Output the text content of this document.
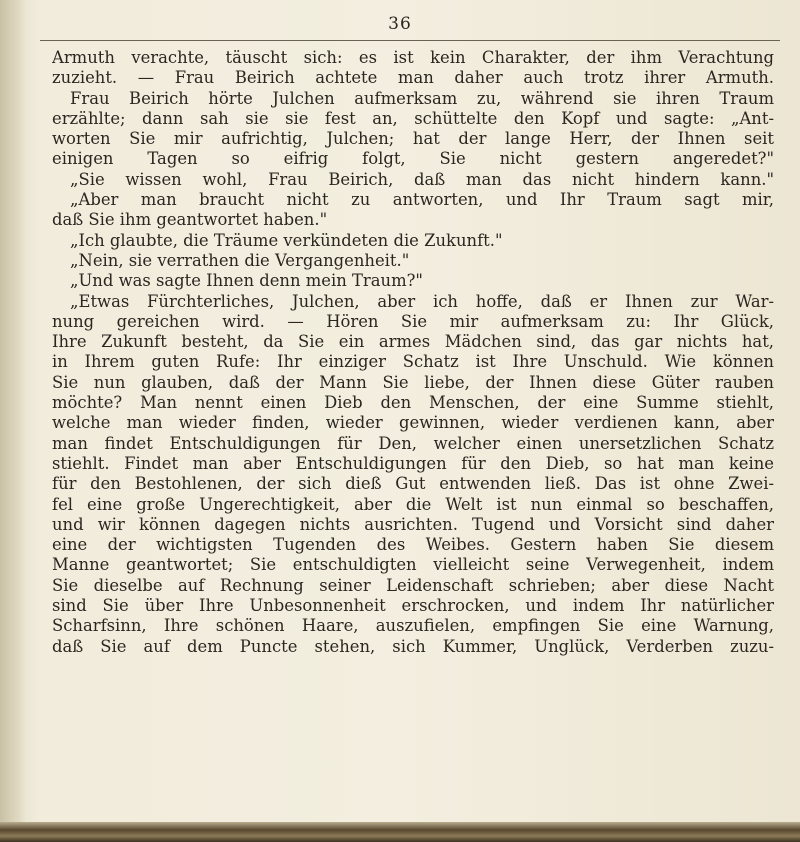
36
Armuth verachte, täuscht sich: es ist kein Charakter, der ihm Verachtung
zuzieht. — Frau Beirich achtete man daher auch trotz ihrer Armuth.
Frau Beirich hörte Julchen aufmerksam zu, während sie ihren Traum
erzählte; dann sah sie sie fest an, schüttelte den Kopf und sagte: „Ant-
worten Sie mir aufrichtig, Julchen; hat der lange Herr, der Ihnen seit
einigen Tagen so eifrig folgt, Sie nicht gestern angeredet?"
„Sie wissen wohl, Frau Beirich, daß man das nicht hindern kann."
„Aber man braucht nicht zu antworten, und Ihr Traum sagt mir,
daß Sie ihm geantwortet haben."
„Ich glaubte, die Träume verkündeten die Zukunft."
„Nein, sie verrathen die Vergangenheit."
„Und was sagte Ihnen denn mein Traum?"
„Etwas Fürchterliches, Julchen, aber ich hoffe, daß er Ihnen zur War-
nung gereichen wird. — Hören Sie mir aufmerksam zu: Ihr Glück,
Ihre Zukunft besteht, da Sie ein armes Mädchen sind, das gar nichts hat,
in Ihrem guten Rufe: Ihr einziger Schatz ist Ihre Unschuld. Wie können
Sie nun glauben, daß der Mann Sie liebe, der Ihnen diese Güter rauben
möchte? Man nennt einen Dieb den Menschen, der eine Summe stiehlt,
welche man wieder finden, wieder gewinnen, wieder verdienen kann, aber
man findet Entschuldigungen für Den, welcher einen unersetzlichen Schatz
stiehlt. Findet man aber Entschuldigungen für den Dieb, so hat man keine
für den Bestohlenen, der sich dieß Gut entwenden ließ. Das ist ohne Zwei-
fel eine große Ungerechtigkeit, aber die Welt ist nun einmal so beschaffen,
und wir können dagegen nichts ausrichten. Tugend und Vorsicht sind daher
eine der wichtigsten Tugenden des Weibes. Gestern haben Sie diesem
Manne geantwortet; Sie entschuldigten vielleicht seine Verwegenheit, indem
Sie dieselbe auf Rechnung seiner Leidenschaft schrieben; aber diese Nacht
sind Sie über Ihre Unbesonnenheit erschrocken, und indem Ihr natürlicher
Scharfsinn, Ihre schönen Haare, auszufielen, empfingen Sie eine Warnung,
daß Sie auf dem Puncte stehen, sich Kummer, Unglück, Verderben zuzu-
